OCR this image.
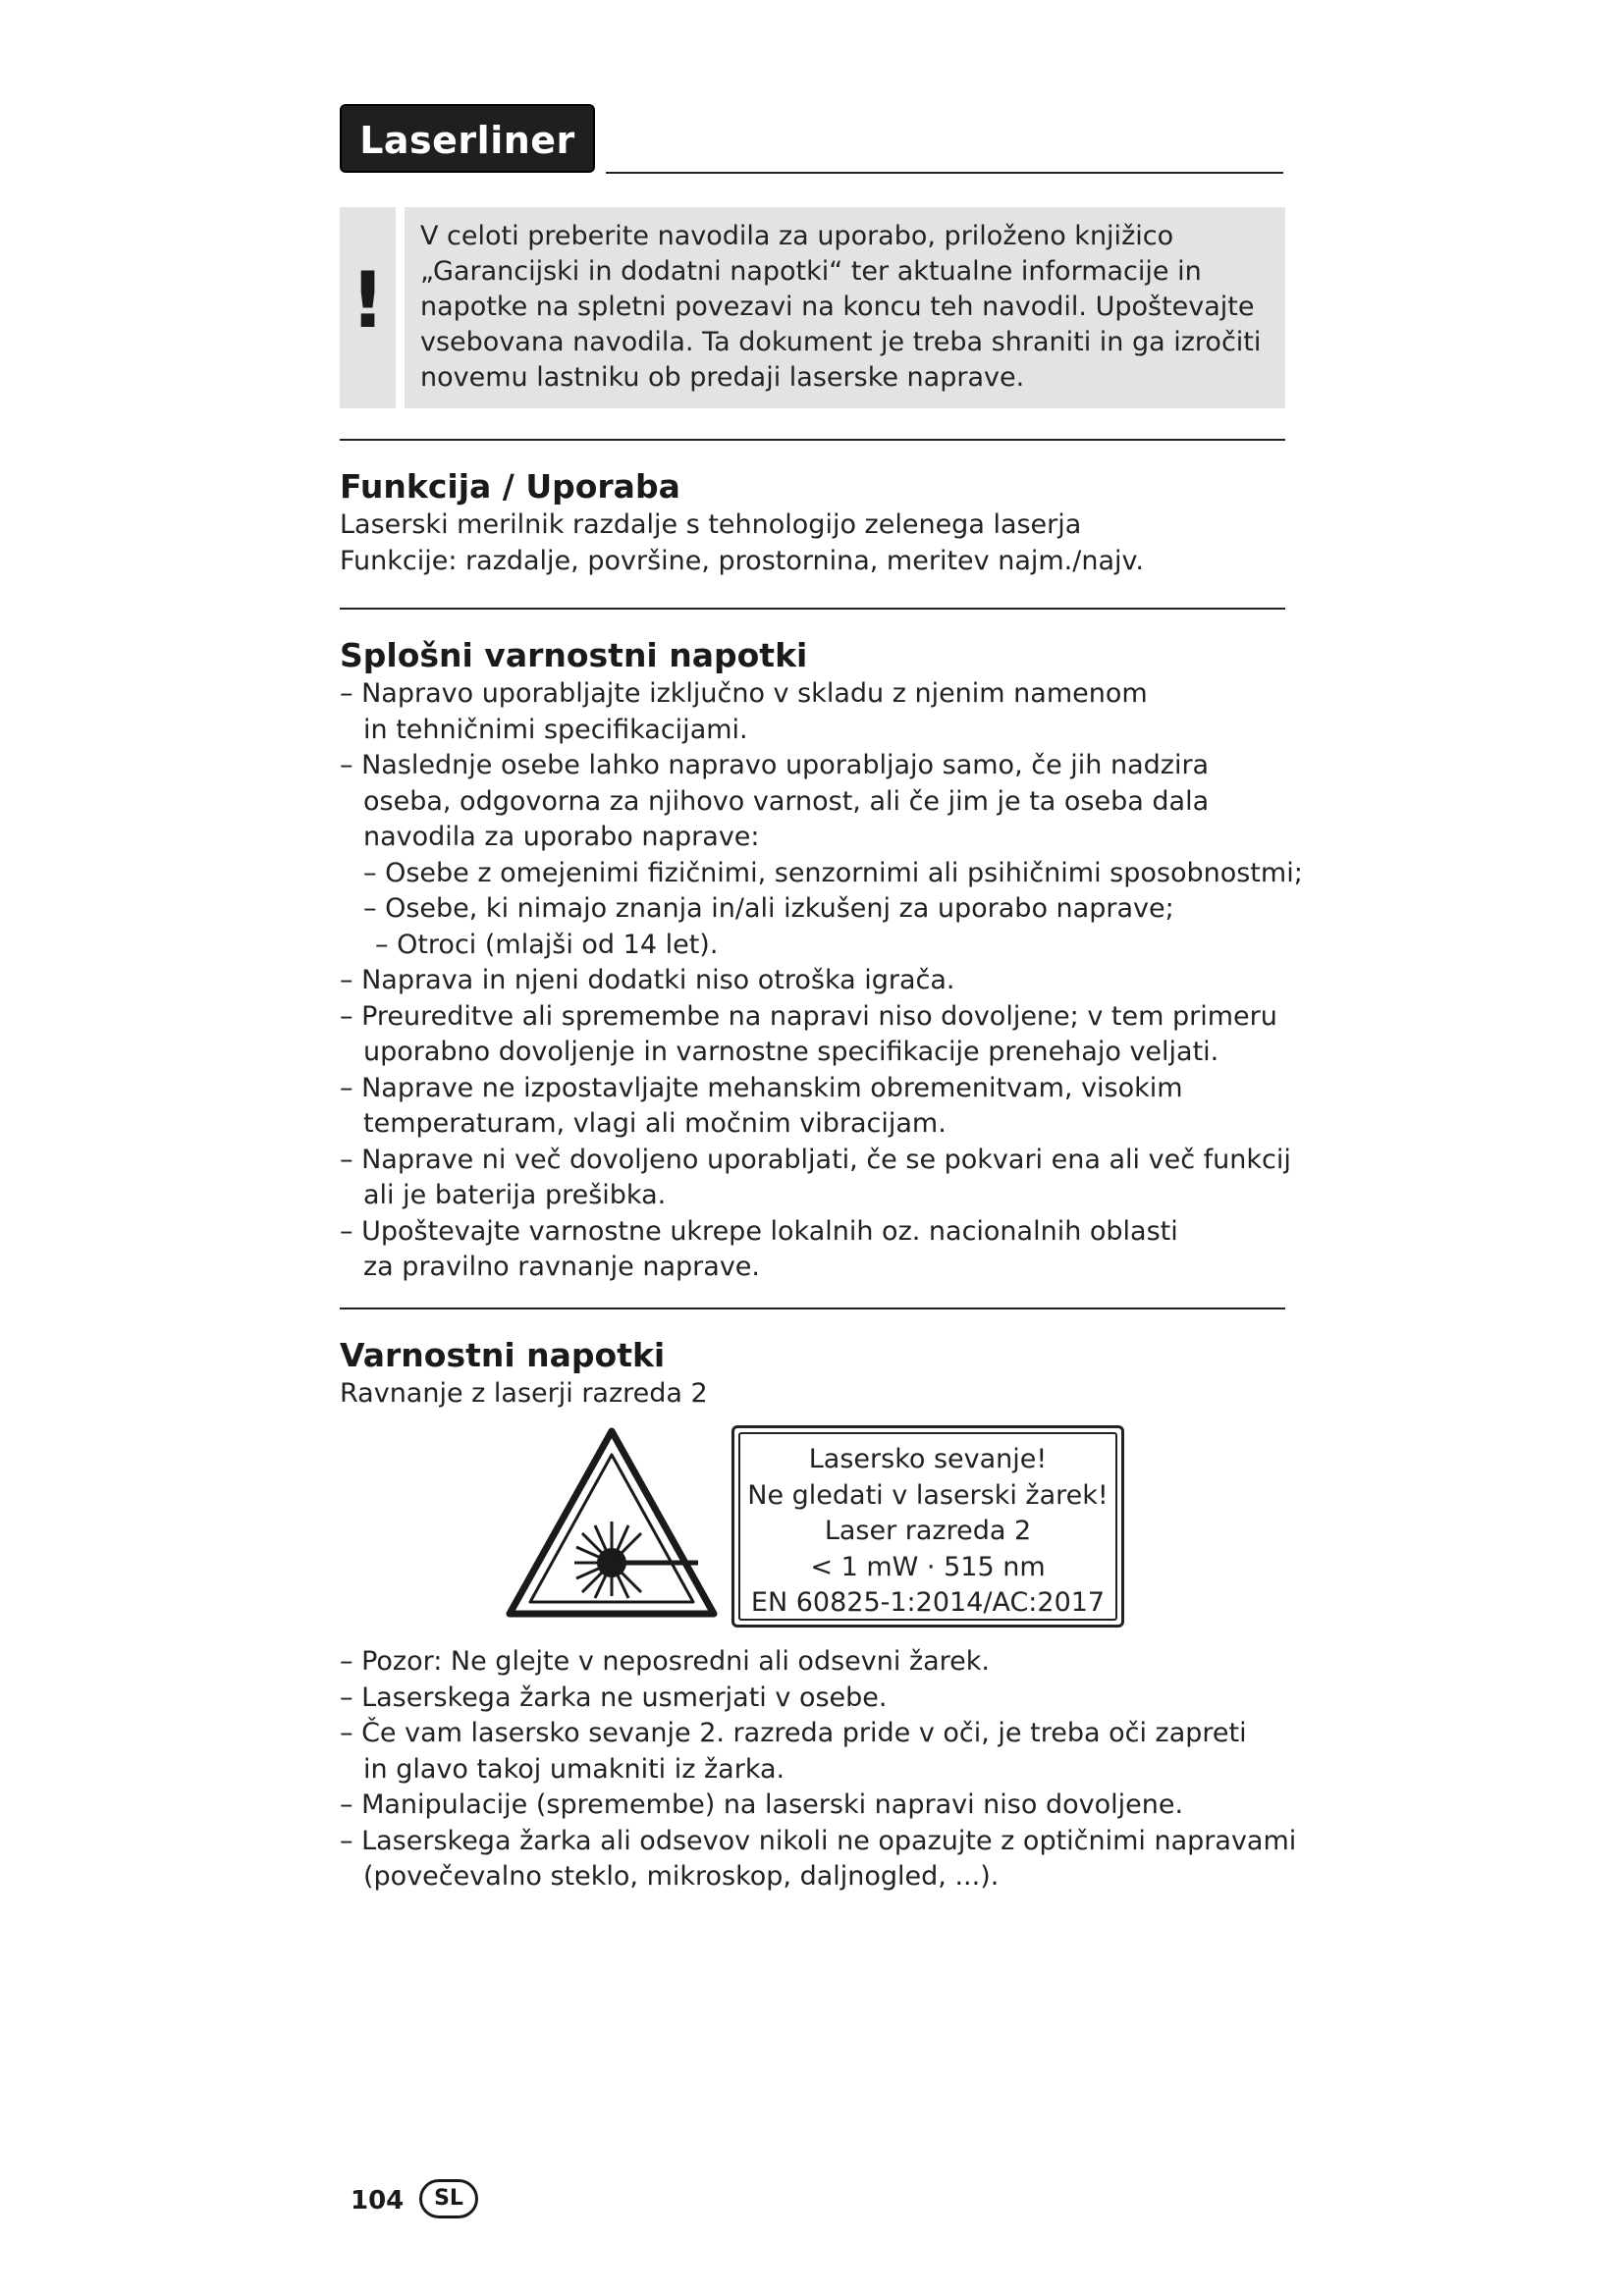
Laserliner
!
V celoti preberite navodila za uporabo, priloženo knjižico
„Garancijski in dodatni napotki“ ter aktualne informacije in
napotke na spletni povezavi na koncu teh navodil. Upoštevajte
vsebovana navodila. Ta dokument je treba shraniti in ga izročiti
novemu lastniku ob predaji laserske naprave.
Funkcija / Uporaba
Laserski merilnik razdalje s tehnologijo zelenega laserja
Funkcije: razdalje, površine, prostornina, meritev najm./najv.
Splošni varnostni napotki
– Napravo uporabljajte izključno v skladu z njenim namenom
in tehničnimi specifikacijami.
– Naslednje osebe lahko napravo uporabljajo samo, če jih nadzira
oseba, odgovorna za njihovo varnost, ali če jim je ta oseba dala
navodila za uporabo naprave:
– Osebe z omejenimi fizičnimi, senzornimi ali psihičnimi sposobnostmi;
– Osebe, ki nimajo znanja in/ali izkušenj za uporabo naprave;
– Otroci (mlajši od 14 let).
– Naprava in njeni dodatki niso otroška igrača.
– Preureditve ali spremembe na napravi niso dovoljene; v tem primeru
uporabno dovoljenje in varnostne specifikacije prenehajo veljati.
– Naprave ne izpostavljajte mehanskim obremenitvam, visokim
temperaturam, vlagi ali močnim vibracijam.
– Naprave ni več dovoljeno uporabljati, če se pokvari ena ali več funkcij
ali je baterija prešibka.
– Upoštevajte varnostne ukrepe lokalnih oz. nacionalnih oblasti
za pravilno ravnanje naprave.
Varnostni napotki
Ravnanje z laserji razreda 2
Lasersko sevanje!
Ne gledati v laserski žarek!
Laser razreda 2
< 1 mW · 515 nm
EN 60825-1:2014/AC:2017
– Pozor: Ne glejte v neposredni ali odsevni žarek.
– Laserskega žarka ne usmerjati v osebe.
– Če vam lasersko sevanje 2. razreda pride v oči, je treba oči zapreti
in glavo takoj umakniti iz žarka.
– Manipulacije (spremembe) na laserski napravi niso dovoljene.
– Laserskega žarka ali odsevov nikoli ne opazujte z optičnimi napravami
(povečevalno steklo, mikroskop, daljnogled, ...).
104	SL
